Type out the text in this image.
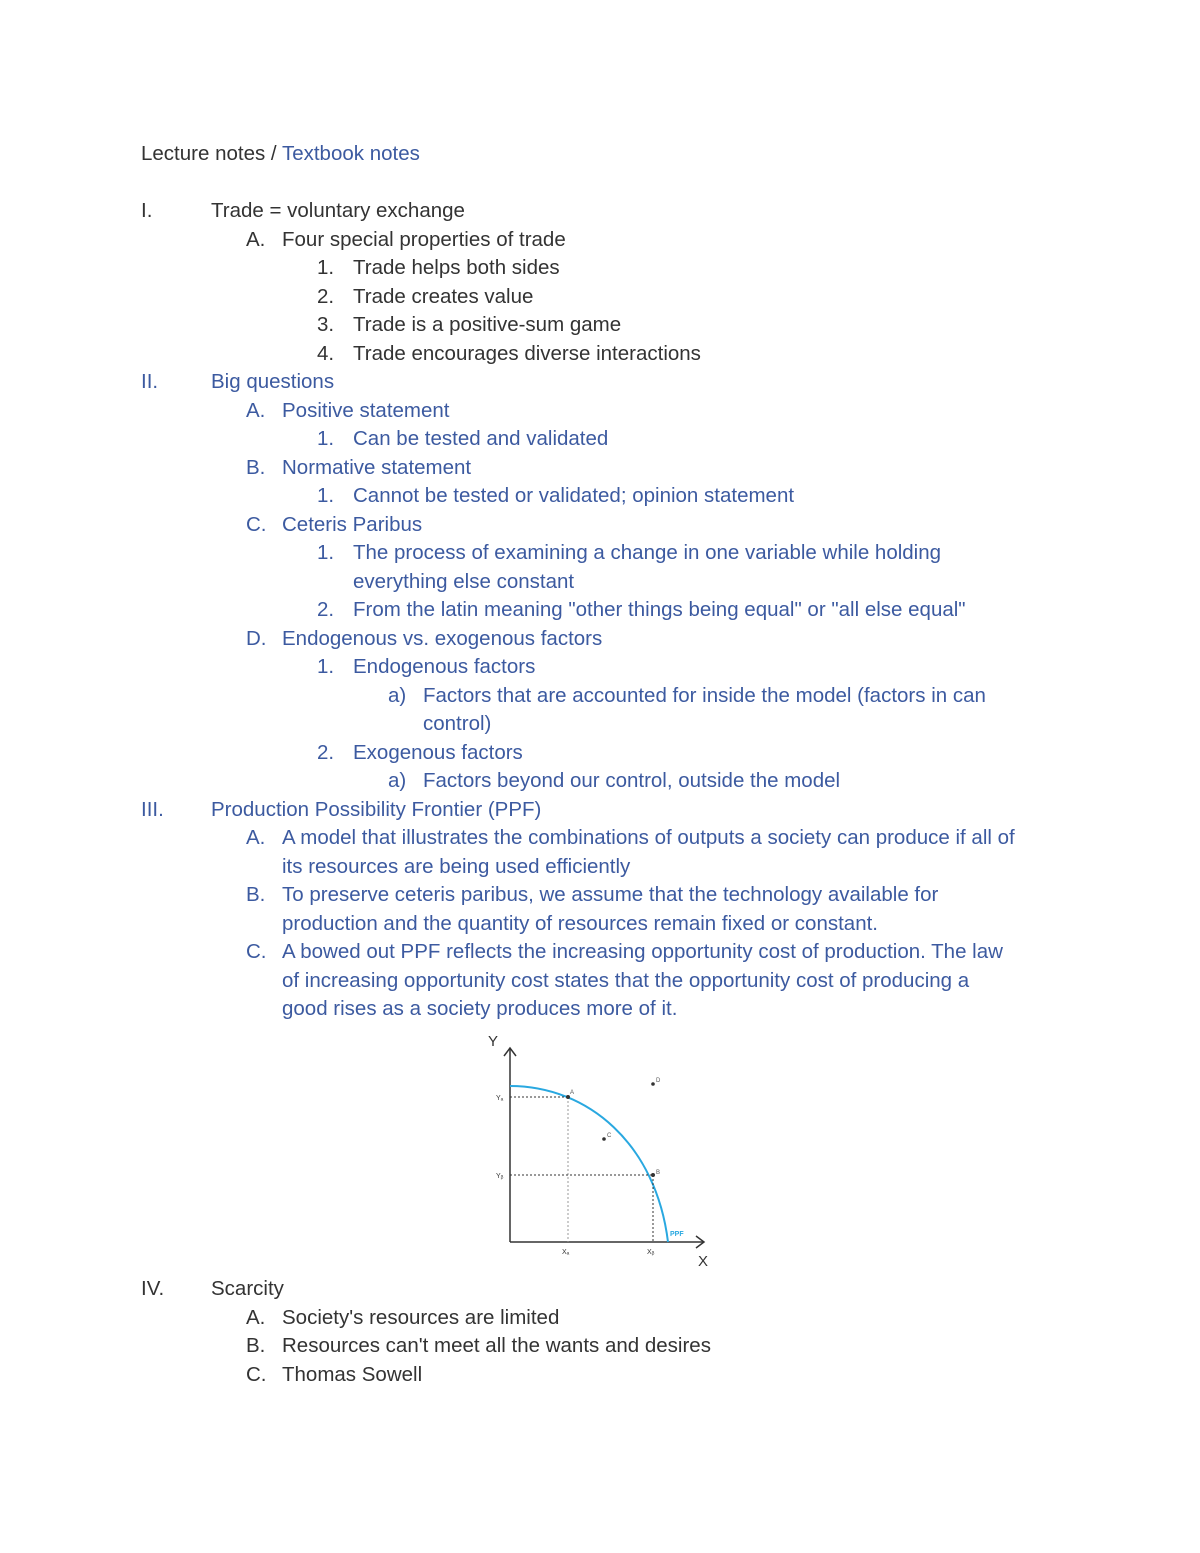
Lecture notes / Textbook notes
I.	Trade = voluntary exchange
A. Four special properties of trade
1. Trade helps both sides
2. Trade creates value
3. Trade is a positive-sum game
4. Trade encourages diverse interactions
II.	Big questions
A. Positive statement
1. Can be tested and validated
B. Normative statement
1. Cannot be tested or validated; opinion statement
C. Ceteris Paribus
1. The process of examining a change in one variable while holding
everything else constant
2. From the latin meaning "other things being equal" or "all else equal"
D. Endogenous vs. exogenous factors
1. Endogenous factors
a) Factors that are accounted for inside the model (factors in can
control)
2. Exogenous factors
a) Factors beyond our control, outside the model
III. Production Possibility Frontier (PPF)
A. A model that illustrates the combinations of outputs a society can produce if all of
its resources are being used efficiently
B. To preserve ceteris paribus, we assume that the technology available for
production and the quantity of resources remain fixed or constant.
C. A bowed out PPF reflects the increasing opportunity cost of production. The law
of increasing opportunity cost states that the opportunity cost of producing a
good rises as a society produces more of it.
IV. Scarcity
A. Society's resources are limited
B. Resources can't meet all the wants and desires
C. Thomas Sowell
Y
X
A
B
C
D
Yₐ
Yᵦ
Xₐ	Xᵦ
PPF
